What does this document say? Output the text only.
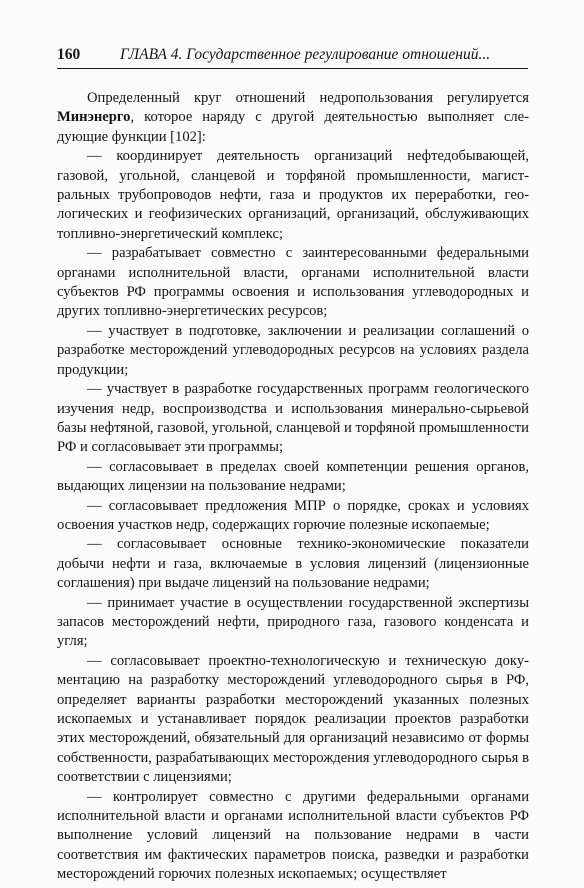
160	ГЛАВА 4. Государственное регулирование отношений...

Определенный круг отношений недропользования регулируется Минэнерго, которое наряду с другой деятельностью выполняет следующие функции [102]:

— координирует деятельность организаций нефтедобывающей, газовой, угольной, сланцевой и торфяной промышленности, магистральных трубопроводов нефти, газа и продуктов их переработки, геологических и геофизических организаций, организаций, обслуживающих топливно-энергетический комплекс;

— разрабатывает совместно с заинтересованными федеральными органами исполнительной власти, органами исполнительной власти субъектов РФ программы освоения и использования углеводородных и других топливно-энергетических ресурсов;

— участвует в подготовке, заключении и реализации соглашений о разработке месторождений углеводородных ресурсов на условиях раздела продукции;

— участвует в разработке государственных программ геологического изучения недр, воспроизводства и использования минерально-сырьевой базы нефтяной, газовой, угольной, сланцевой и торфяной промышленности РФ и согласовывает эти программы;

— согласовывает в пределах своей компетенции решения органов, выдающих лицензии на пользование недрами;

— согласовывает предложения МПР о порядке, сроках и условиях освоения участков недр, содержащих горючие полезные ископаемые;

— согласовывает основные технико-экономические показатели добычи нефти и газа, включаемые в условия лицензий (лицензионные соглашения) при выдаче лицензий на пользование недрами;

— принимает участие в осуществлении государственной экспертизы запасов месторождений нефти, природного газа, газового конденсата и угля;

— согласовывает проектно-технологическую и техническую документацию на разработку месторождений углеводородного сырья в РФ, определяет варианты разработки месторождений указанных полезных ископаемых и устанавливает порядок реализации проектов разработки этих месторождений, обязательный для организаций независимо от формы собственности, разрабатывающих месторождения углеводородного сырья в соответствии с лицензиями;

— контролирует совместно с другими федеральными органами исполнительной власти и органами исполнительной власти субъектов РФ выполнение условий лицензий на пользование недрами в части соответствия им фактических параметров поиска, разведки и разработки месторождений горючих полезных ископаемых; осуществляет
